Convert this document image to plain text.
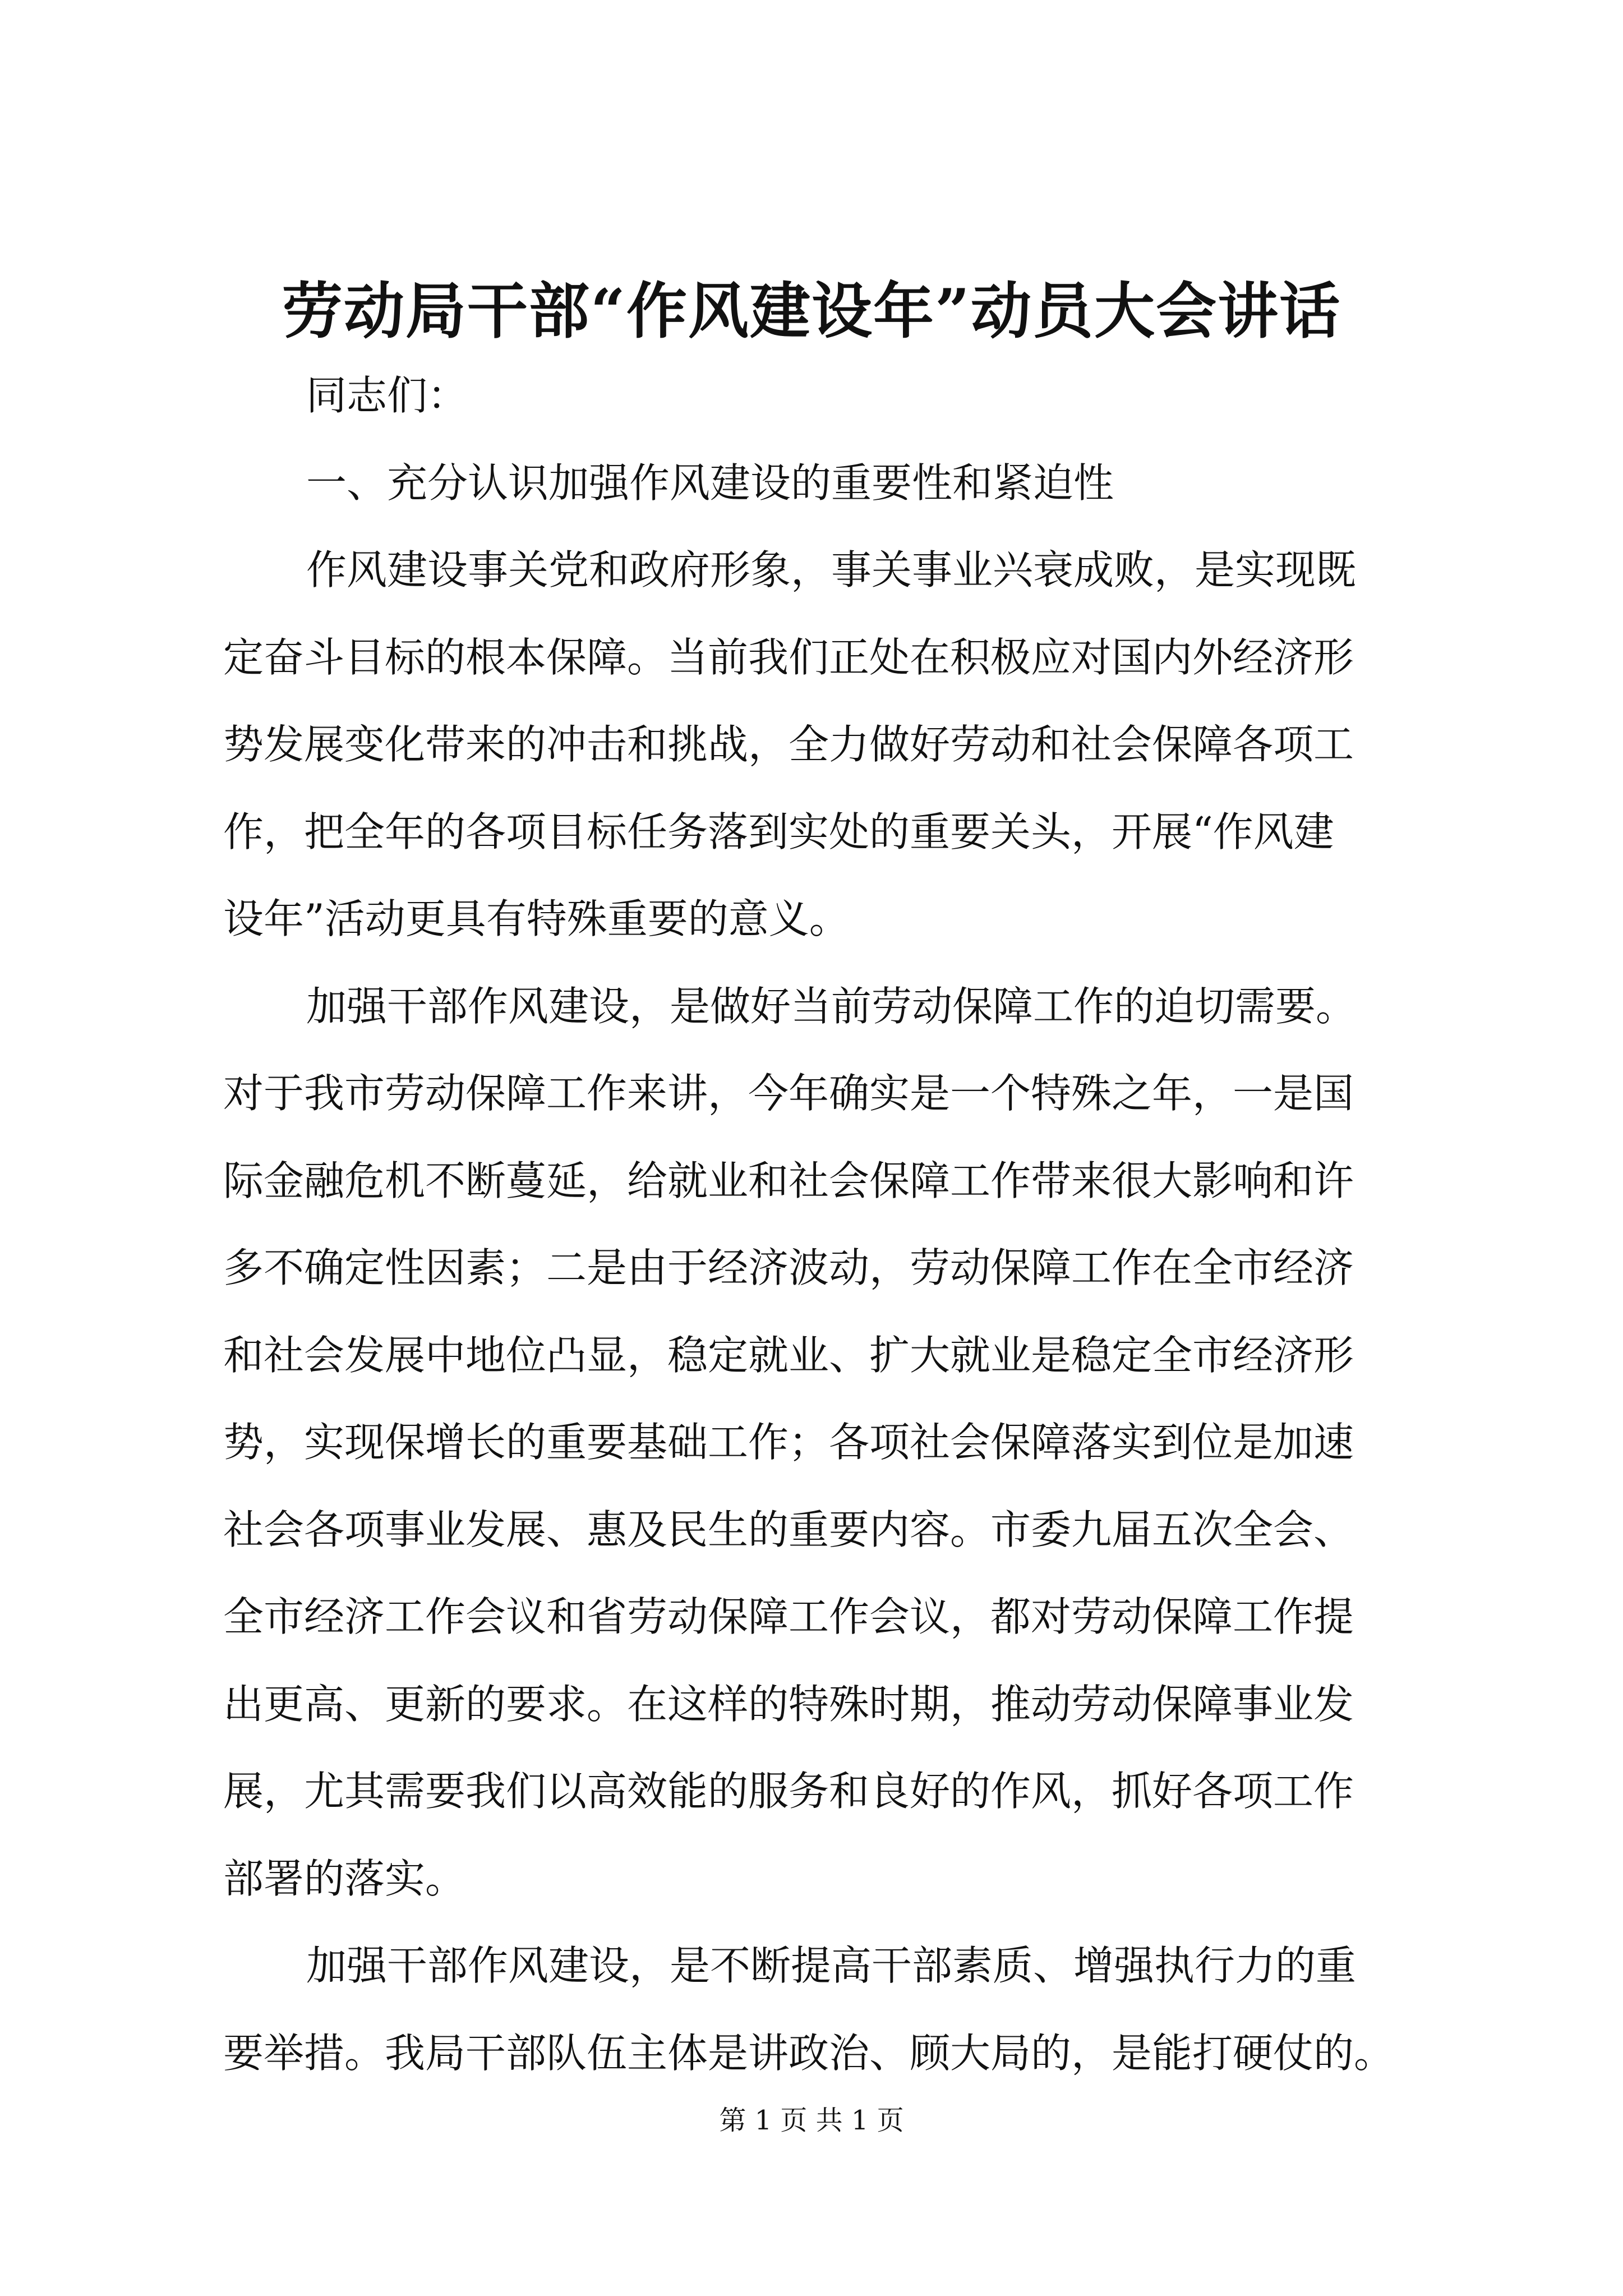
劳动局干部“作风建设年”动员大会讲话
同志们：
一、充分认识加强作风建设的重要性和紧迫性
作风建设事关党和政府形象，事关事业兴衰成败，是实现既
定奋斗目标的根本保障。当前我们正处在积极应对国内外经济形
势发展变化带来的冲击和挑战，全力做好劳动和社会保障各项工
作，把全年的各项目标任务落到实处的重要关头，开展“作风建
设年”活动更具有特殊重要的意义。
加强干部作风建设，是做好当前劳动保障工作的迫切需要。
对于我市劳动保障工作来讲，今年确实是一个特殊之年，一是国
际金融危机不断蔓延，给就业和社会保障工作带来很大影响和许
多不确定性因素；二是由于经济波动，劳动保障工作在全市经济
和社会发展中地位凸显，稳定就业、扩大就业是稳定全市经济形
势，实现保增长的重要基础工作；各项社会保障落实到位是加速
社会各项事业发展、惠及民生的重要内容。市委九届五次全会、
全市经济工作会议和省劳动保障工作会议，都对劳动保障工作提
出更高、更新的要求。在这样的特殊时期，推动劳动保障事业发
展，尤其需要我们以高效能的服务和良好的作风，抓好各项工作
部署的落实。
加强干部作风建设，是不断提高干部素质、增强执行力的重
要举措。我局干部队伍主体是讲政治、顾大局的，是能打硬仗的。
第 1 页 共 1 页
